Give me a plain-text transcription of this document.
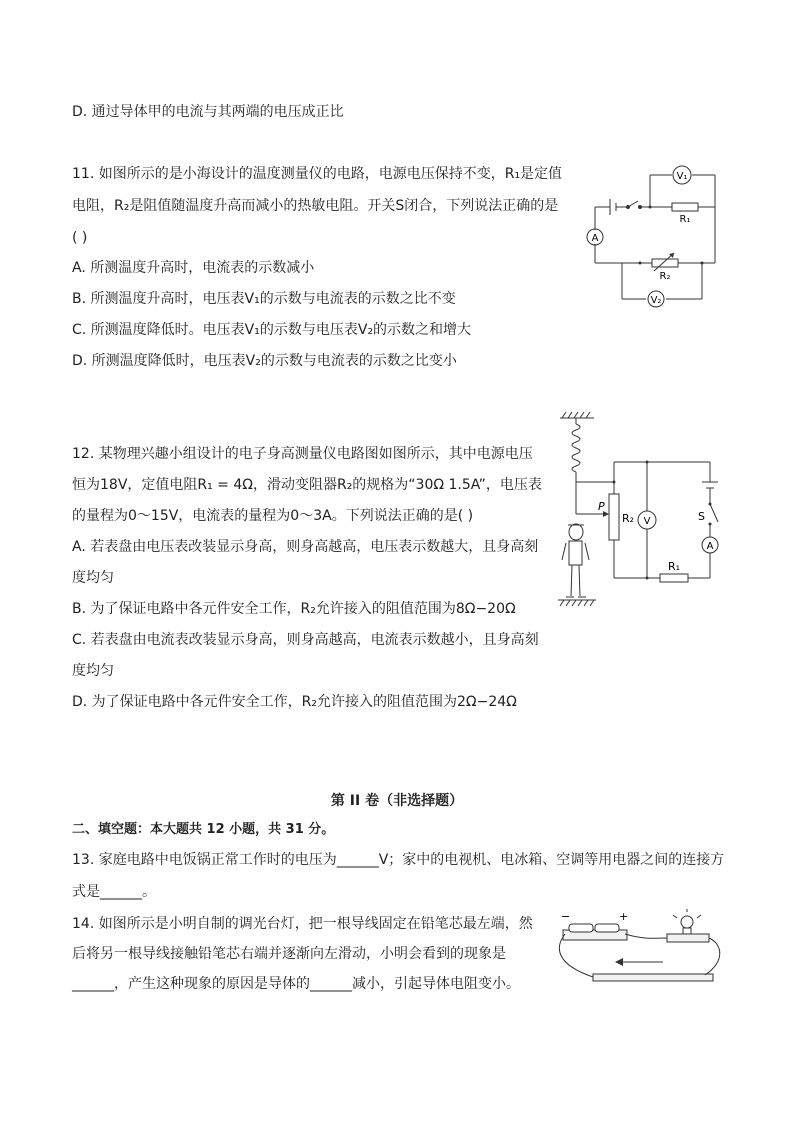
D. 通过导体甲的电流与其两端的电压成正比
11. 如图所示的是小海设计的温度测量仪的电路，电源电压保持不变，R₁是定值
电阻，R₂是阻值随温度升高而减小的热敏电阻。开关S闭合，下列说法正确的是
( )
A. 所测温度升高时，电流表的示数减小
B. 所测温度升高时，电压表V₁的示数与电流表的示数之比不变
C. 所测温度降低时。电压表V₁的示数与电压表V₂的示数之和增大
D. 所测温度降低时，电压表V₂的示数与电流表的示数之比变小
V₁
R₁
A
R₂
V₂
12. 某物理兴趣小组设计的电子身高测量仪电路图如图所示，其中电源电压
恒为18V，定值电阻R₁ = 4Ω，滑动变阻器R₂的规格为“30Ω 1.5A”，电压表
的量程为0～15V，电流表的量程为0～3A。下列说法正确的是( )
A. 若表盘由电压表改装显示身高，则身高越高，电压表示数越大，且身高刻
度均匀
B. 为了保证电路中各元件安全工作，R₂允许接入的阻值范围为8Ω−20Ω
C. 若表盘由电流表改装显示身高，则身高越高，电流表示数越小，且身高刻
度均匀
D. 为了保证电路中各元件安全工作，R₂允许接入的阻值范围为2Ω−24Ω
P
R₂ V	S
A
R₁
第 II 卷（非选择题）
二、填空题：本大题共 12 小题，共 31 分。
13. 家庭电路中电饭锅正常工作时的电压为______V；家中的电视机、电冰箱、空调等用电器之间的连接方
式是______。
14. 如图所示是小明自制的调光台灯，把一根导线固定在铅笔芯最左端，然
后将另一根导线接触铅笔芯右端并逐渐向左滑动，小明会看到的现象是
______，产生这种现象的原因是导体的______减小，引起导体电阻变小。
−	+
